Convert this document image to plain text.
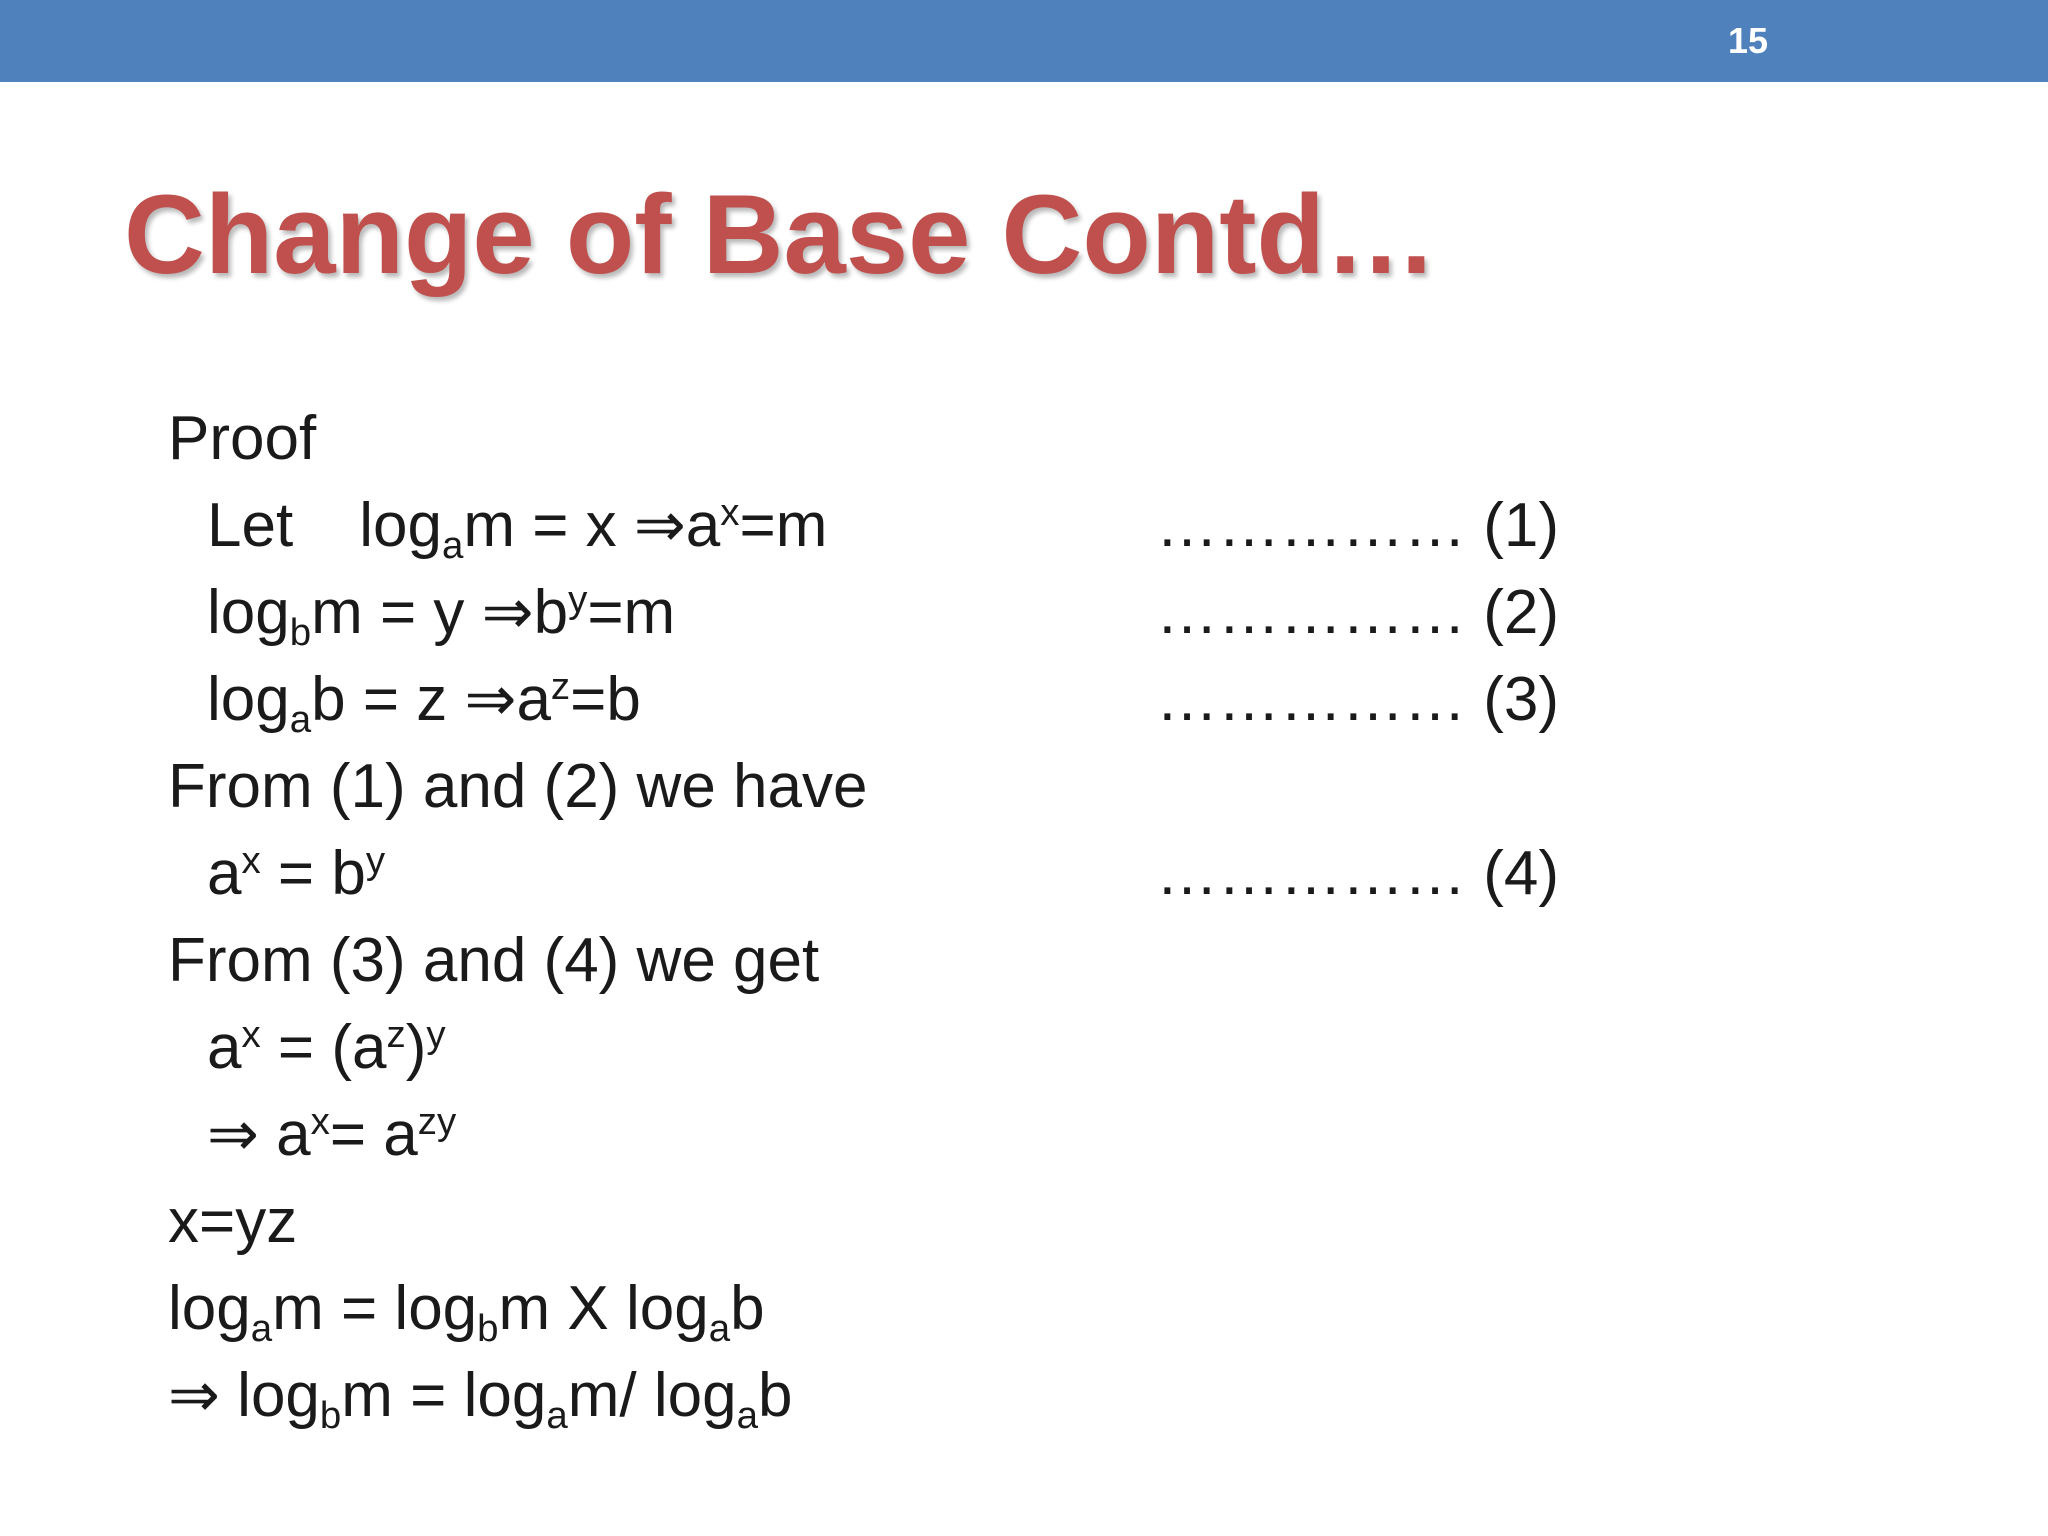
15
Change of Base Contd…
Proof
Let $\log_am = x$ $\Rightarrow a^x=m$	…………… (1)
$\log_bm = y$ $\Rightarrow b^y=m$	…………… (2)
$\log_ab = z$ $\Rightarrow a^z=b$	…………… (3)
From (1) and (2) we have
$a^x = b^y$	…………… (4)
From (3) and (4) we get
$a^x = (a^z)^y$
⇒ $a^x= a^{zy}$
x=yz
$\log_am = \log_bm$ X $\log_ab$
⇒ $\log_bm = \log_am/$ $\log_ab$
